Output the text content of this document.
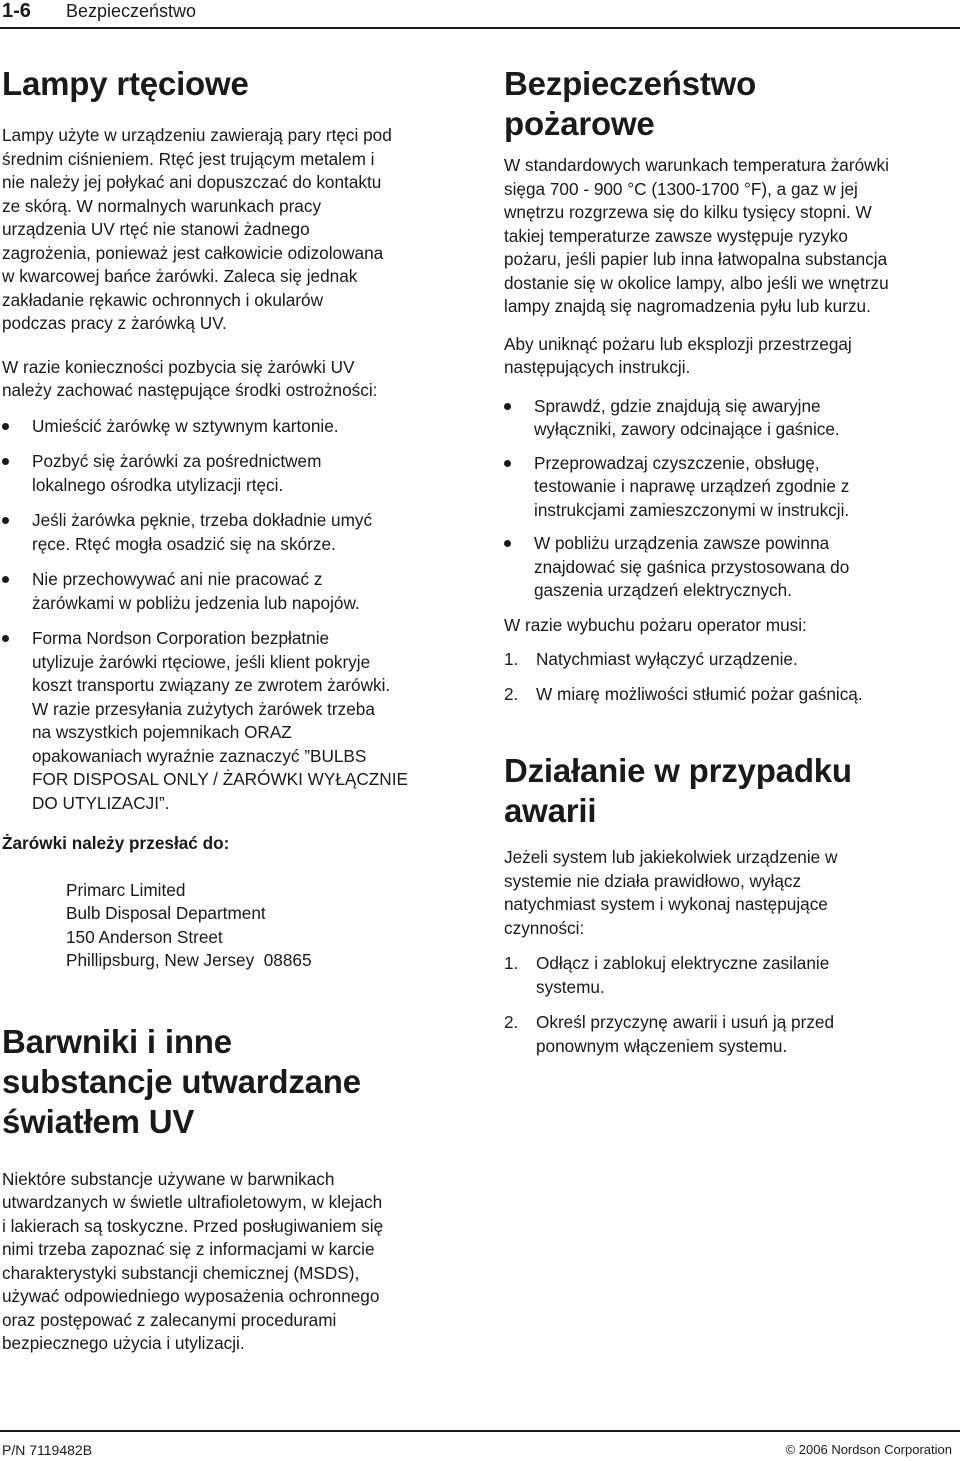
1-6 Bezpieczeństwo
Lampy rtęciowe

Lampy użyte w urządzeniu zawierają pary rtęci pod
średnim ciśnieniem. Rtęć jest trującym metalem i
nie należy jej połykać ani dopuszczać do kontaktu
ze skórą. W normalnych warunkach pracy
urządzenia UV rtęć nie stanowi żadnego
zagrożenia, ponieważ jest całkowicie odizolowana
w kwarcowej bańce żarówki. Zaleca się jednak
zakładanie rękawic ochronnych i okularów
podczas pracy z żarówką UV.

W razie konieczności pozbycia się żarówki UV
należy zachować następujące środki ostrożności:

Umieścić żarówkę w sztywnym kartonie.
Pozbyć się żarówki za pośrednictwem
lokalnego ośrodka utylizacji rtęci.
Jeśli żarówka pęknie, trzeba dokładnie umyć
ręce. Rtęć mogła osadzić się na skórze.
Nie przechowywać ani nie pracować z
żarówkami w pobliżu jedzenia lub napojów.
Forma Nordson Corporation bezpłatnie
utylizuje żarówki rtęciowe, jeśli klient pokryje
koszt transportu związany ze zwrotem żarówki.
W razie przesyłania zużytych żarówek trzeba
na wszystkich pojemnikach ORAZ
opakowaniach wyraźnie zaznaczyć ”BULBS
FOR DISPOSAL ONLY / ŻARÓWKI WYŁĄCZNIE
DO UTYLIZACJI”.

Żarówki należy przesłać do:

Primarc Limited
Bulb Disposal Department
150 Anderson Street
Phillipsburg, New Jersey  08865
Barwniki i inne
substancje utwardzane
światłem UV

Niektóre substancje używane w barwnikach
utwardzanych w świetle ultrafioletowym, w klejach
i lakierach są toskyczne. Przed posługiwaniem się
nimi trzeba zapoznać się z informacjami w karcie
charakterystyki substancji chemicznej (MSDS),
używać odpowiedniego wyposażenia ochronnego
oraz postępować z zalecanymi procedurami
bezpiecznego użycia i utylizacji.

Bezpieczeństwo
pożarowe

W standardowych warunkach temperatura żarówki
sięga 700 - 900 °C (1300-1700 °F), a gaz w jej
wnętrzu rozgrzewa się do kilku tysięcy stopni. W
takiej temperaturze zawsze występuje ryzyko
pożaru, jeśli papier lub inna łatwopalna substancja
dostanie się w okolice lampy, albo jeśli we wnętrzu
lampy znajdą się nagromadzenia pyłu lub kurzu.

Aby uniknąć pożaru lub eksplozji przestrzegaj
następujących instrukcji.

Sprawdź, gdzie znajdują się awaryjne
wyłączniki, zawory odcinające i gaśnice.
Przeprowadzaj czyszczenie, obsługę,
testowanie i naprawę urządzeń zgodnie z
instrukcjami zamieszczonymi w instrukcji.
W pobliżu urządzenia zawsze powinna
znajdować się gaśnica przystosowana do
gaszenia urządzeń elektrycznych.

W razie wybuchu pożaru operator musi:

1. Natychmiast wyłączyć urządzenie.
2. W miarę możliwości stłumić pożar gaśnicą.
Działanie w przypadku
awarii

Jeżeli system lub jakiekolwiek urządzenie w
systemie nie działa prawidłowo, wyłącz
natychmiast system i wykonaj następujące
czynności:

1. Odłącz i zablokuj elektryczne zasilanie
systemu.
2. Określ przyczynę awarii i usuń ją przed
ponownym włączeniem systemu.
P/N 7119482B	© 2006 Nordson Corporation
